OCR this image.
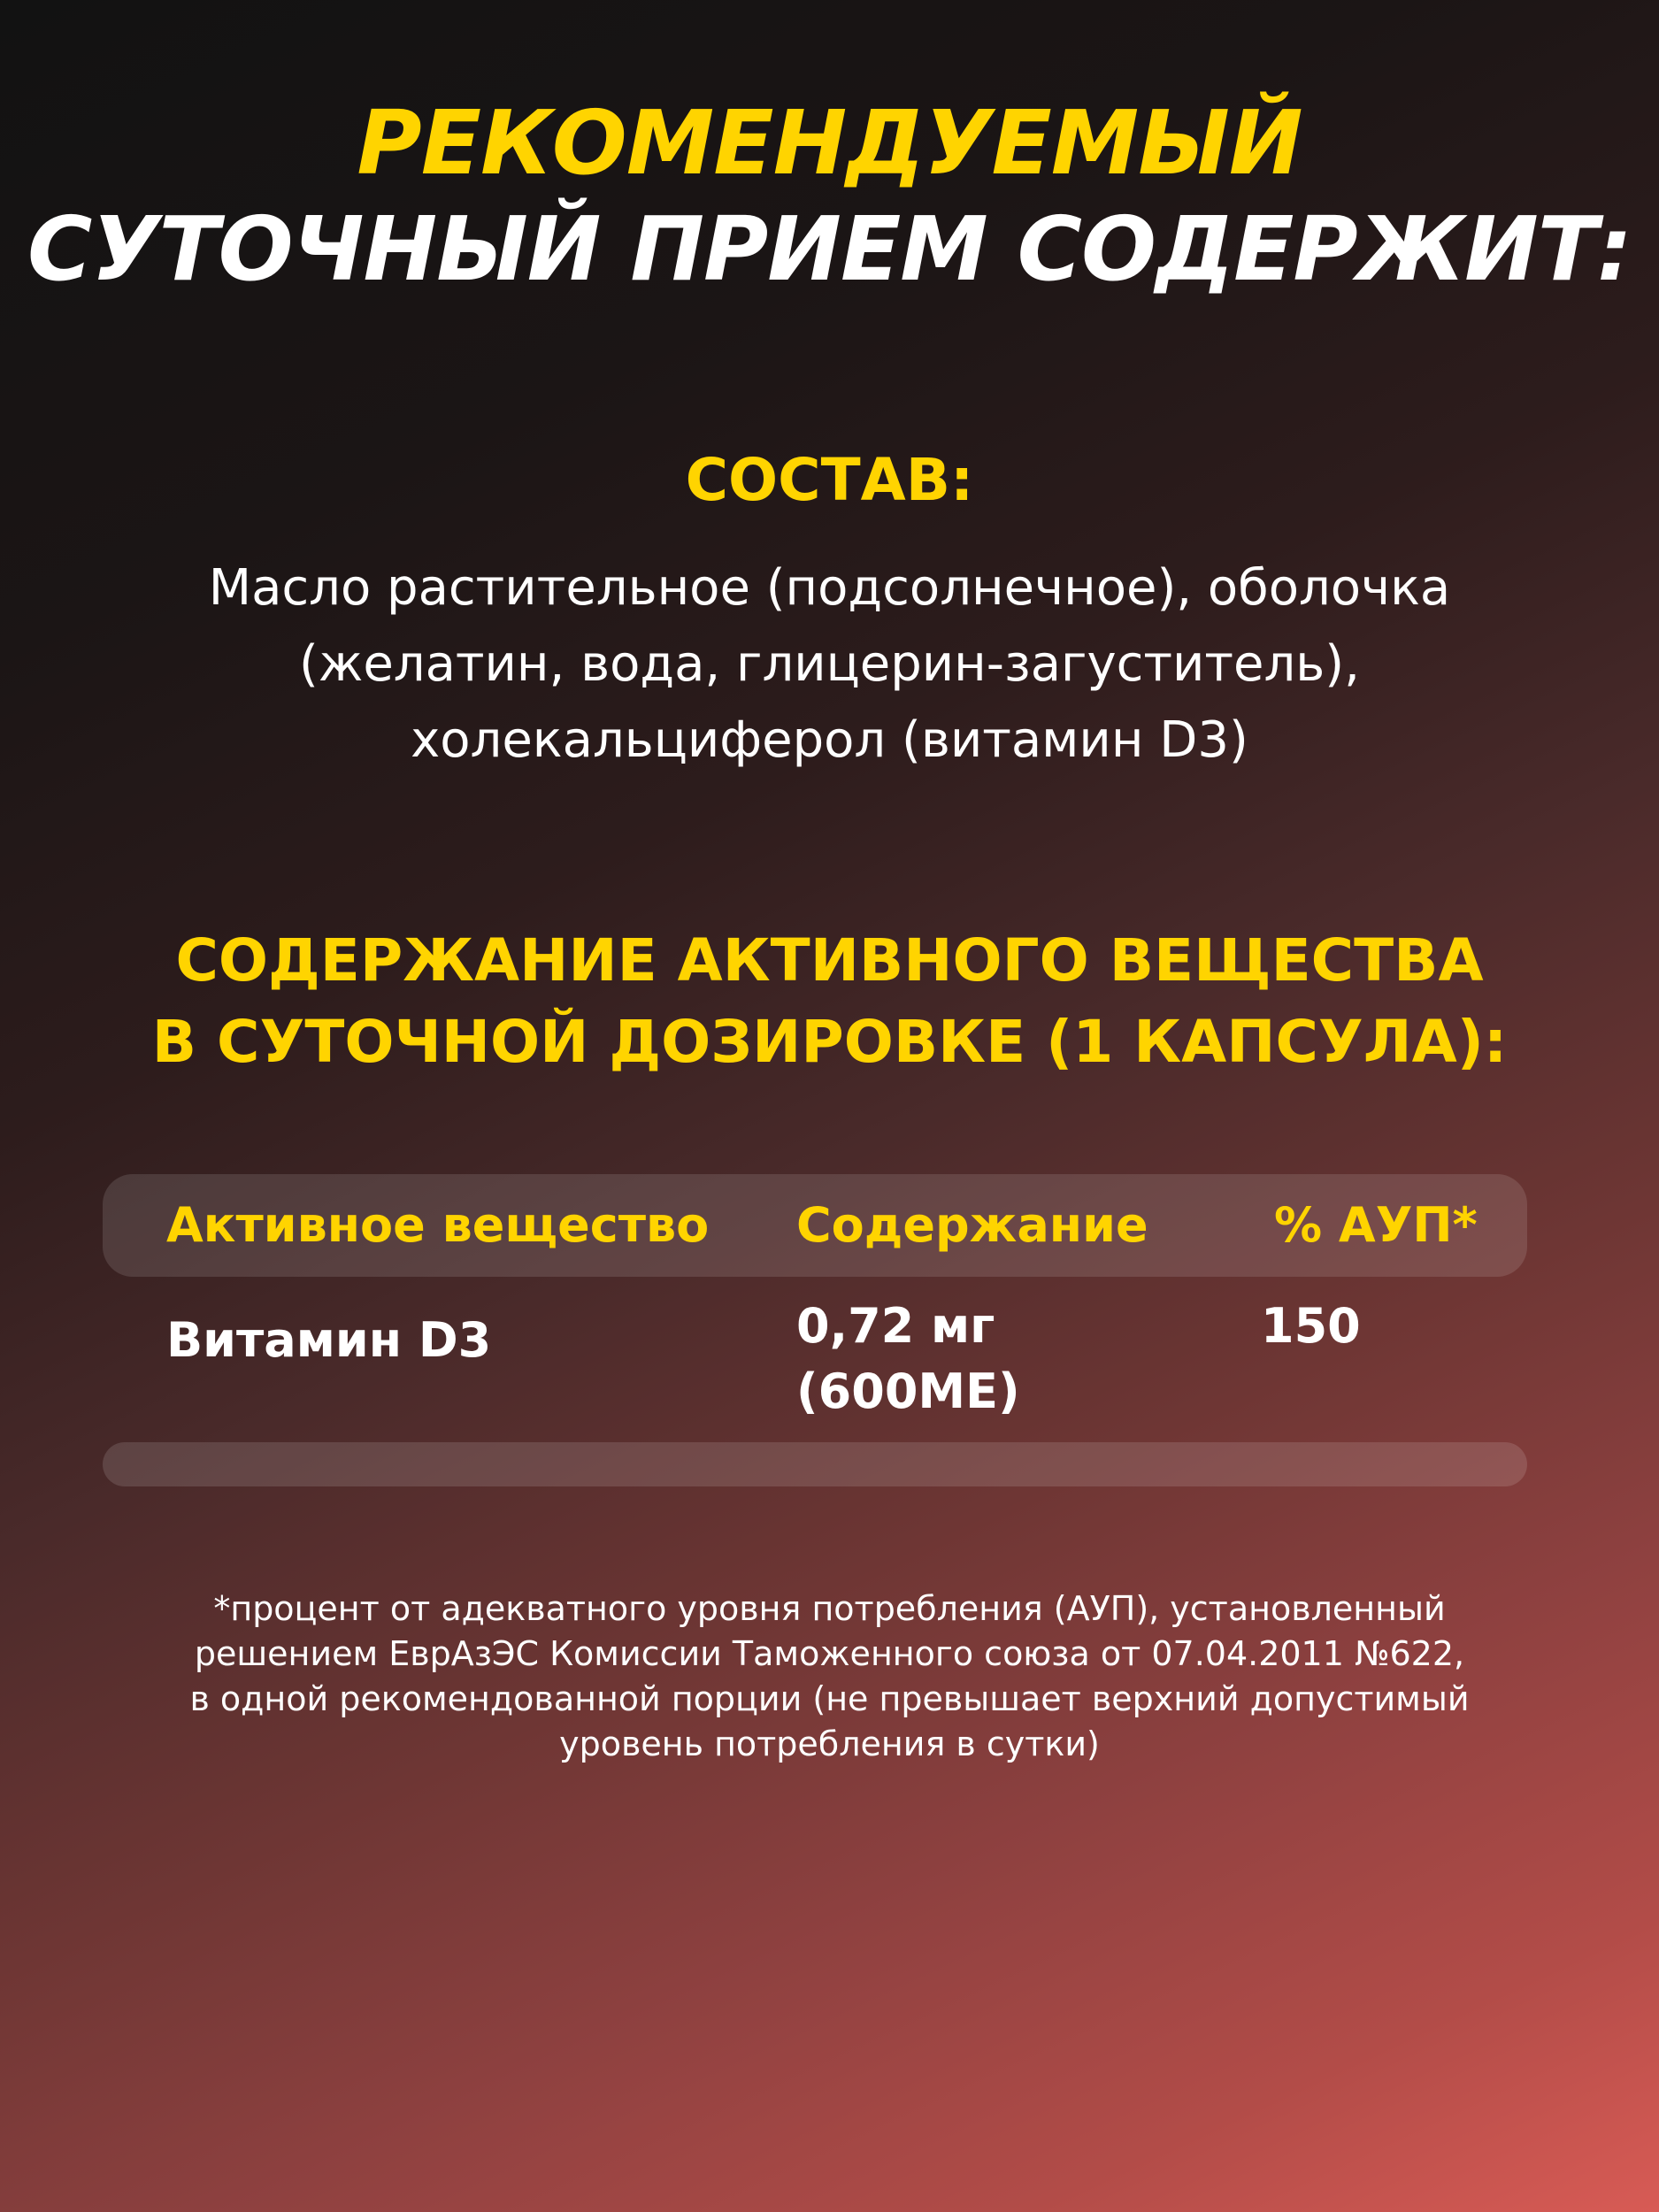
РЕКОМЕНДУЕМЫЙ
СУТОЧНЫЙ ПРИЕМ СОДЕРЖИТ:
СОСТАВ:
Масло растительное (подсолнечное), оболочка
(желатин, вода, глицерин-загуститель),
холекальциферол (витамин D3)
СОДЕРЖАНИЕ АКТИВНОГО ВЕЩЕСТВА
В СУТОЧНОЙ ДОЗИРОВКЕ (1 КАПСУЛА):
Активное вещество Содержание	% АУП*
Витамин D3	0,72 мг
(600МЕ)
150
*процент от адекватного уровня потребления (АУП), установленный
решением ЕврАзЭС Комиссии Таможенного союза от 07.04.2011 №622,
в одной рекомендованной порции (не превышает верхний допустимый
уровень потребления в сутки)
